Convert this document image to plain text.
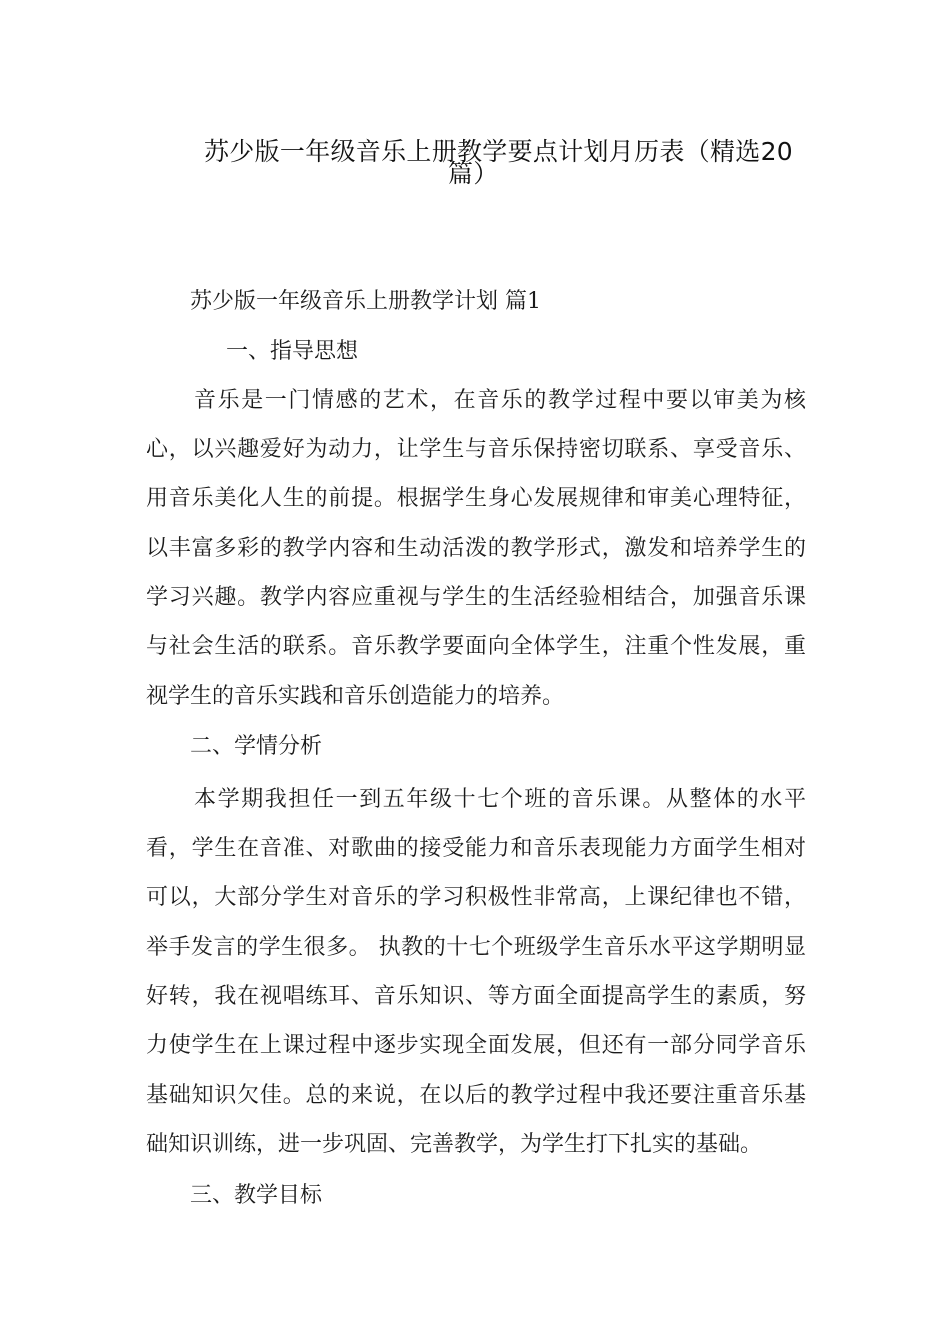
苏少版一年级音乐上册教学要点计划月历表（精选20
篇）
苏少版一年级音乐上册教学计划 篇1
一、指导思想
音乐是一门情感的艺术，在音乐的教学过程中要以审美为核
心，以兴趣爱好为动力，让学生与音乐保持密切联系、享受音乐、
用音乐美化人生的前提。根据学生身心发展规律和审美心理特征，
以丰富多彩的教学内容和生动活泼的教学形式，激发和培养学生的
学习兴趣。教学内容应重视与学生的生活经验相结合，加强音乐课
与社会生活的联系。音乐教学要面向全体学生，注重个性发展，重
视学生的音乐实践和音乐创造能力的培养。
二、学情分析
本学期我担任一到五年级十七个班的音乐课。从整体的水平
看，学生在音准、对歌曲的接受能力和音乐表现能力方面学生相对
可以，大部分学生对音乐的学习积极性非常高，上课纪律也不错，
举手发言的学生很多。 执教的十七个班级学生音乐水平这学期明显
好转，我在视唱练耳、音乐知识、等方面全面提高学生的素质，努
力使学生在上课过程中逐步实现全面发展，但还有一部分同学音乐
基础知识欠佳。总的来说，在以后的教学过程中我还要注重音乐基
础知识训练，进一步巩固、完善教学，为学生打下扎实的基础。
三、教学目标
